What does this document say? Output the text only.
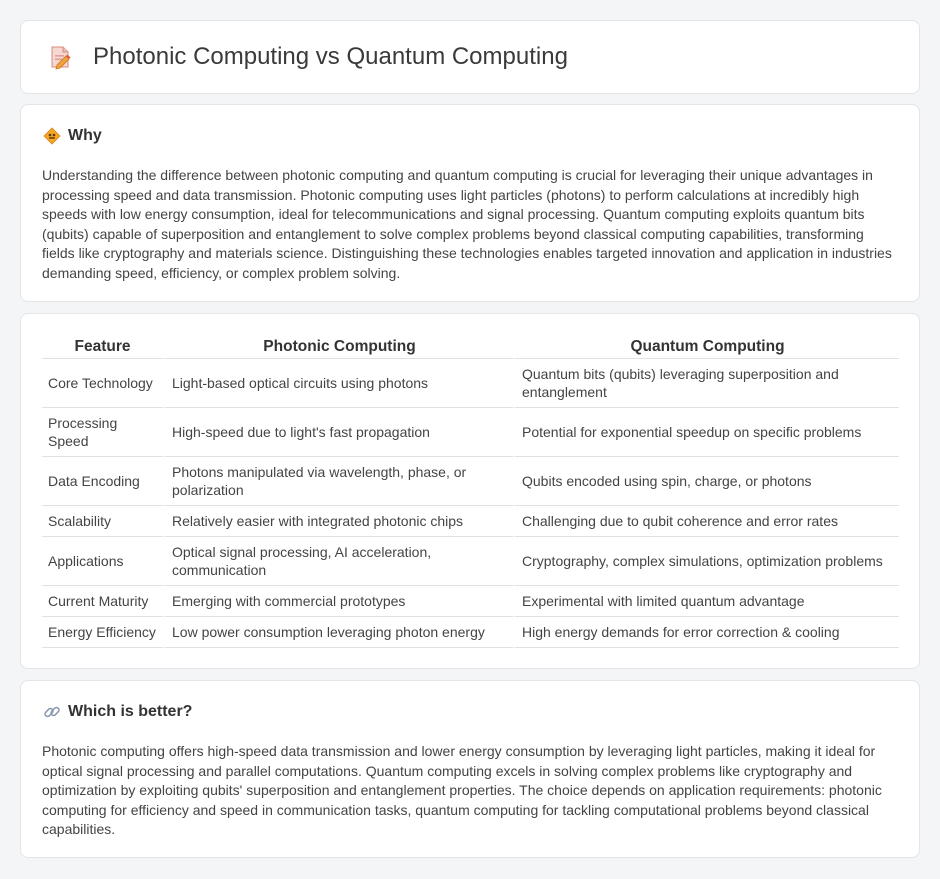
Photonic Computing vs Quantum Computing
Why

Understanding the difference between photonic computing and quantum computing is crucial for leveraging their unique advantages in processing speed and data transmission. Photonic computing uses light particles (photons) to perform calculations at incredibly high speeds with low energy consumption, ideal for telecommunications and signal processing. Quantum computing exploits quantum bits (qubits) capable of superposition and entanglement to solve complex problems beyond classical computing capabilities, transforming fields like cryptography and materials science. Distinguishing these technologies enables targeted innovation and application in industries demanding speed, efficiency, or complex problem solving.

Feature	Photonic Computing	Quantum Computing
Core Technology	Light-based optical circuits using photons	Quantum bits (qubits) leveraging superposition and entanglement
Processing Speed	High-speed due to light's fast propagation	Potential for exponential speedup on specific problems
Data Encoding	Photons manipulated via wavelength, phase, or polarization	Qubits encoded using spin, charge, or photons
Scalability	Relatively easier with integrated photonic chips	Challenging due to qubit coherence and error rates
Applications	Optical signal processing, AI acceleration, communication	Cryptography, complex simulations, optimization problems
Current Maturity	Emerging with commercial prototypes	Experimental with limited quantum advantage
Energy Efficiency	Low power consumption leveraging photon energy	High energy demands for error correction & cooling
Which is better?

Photonic computing offers high-speed data transmission and lower energy consumption by leveraging light particles, making it ideal for optical signal processing and parallel computations. Quantum computing excels in solving complex problems like cryptography and optimization by exploiting qubits' superposition and entanglement properties. The choice depends on application requirements: photonic computing for efficiency and speed in communication tasks, quantum computing for tackling computational problems beyond classical capabilities.
